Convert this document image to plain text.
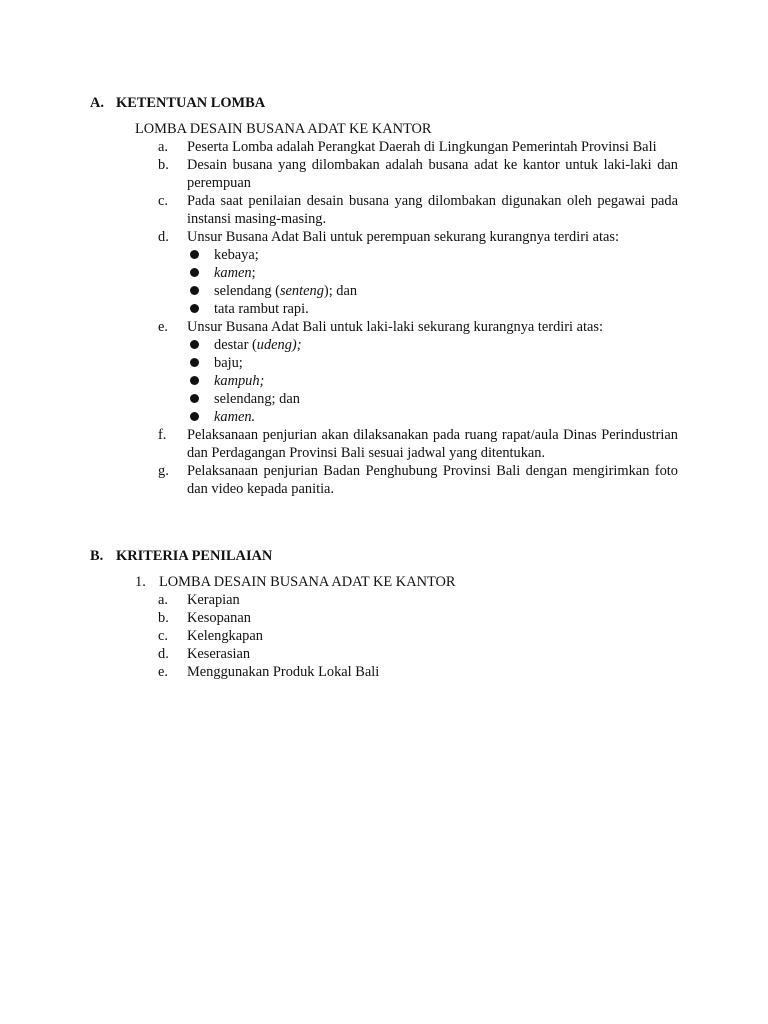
A. KETENTUAN LOMBA
LOMBA DESAIN BUSANA ADAT KE KANTOR
a. Peserta Lomba adalah Perangkat Daerah di Lingkungan Pemerintah Provinsi Bali
b. Desain busana yang dilombakan adalah busana adat ke kantor untuk laki-laki dan perempuan
c. Pada saat penilaian desain busana yang dilombakan digunakan oleh pegawai pada instansi masing-masing.
d. Unsur Busana Adat Bali untuk perempuan sekurang kurangnya terdiri atas:
kebaya;
kamen;
selendang (senteng); dan
tata rambut rapi.
e. Unsur Busana Adat Bali untuk laki-laki sekurang kurangnya terdiri atas:
destar (udeng);
baju;
kampuh;
selendang; dan
kamen.
f. Pelaksanaan penjurian akan dilaksanakan pada ruang rapat/aula Dinas Perindustrian dan Perdagangan Provinsi Bali sesuai jadwal yang ditentukan.
g. Pelaksanaan penjurian Badan Penghubung Provinsi Bali dengan mengirimkan foto dan video kepada panitia.
B. KRITERIA PENILAIAN
1. LOMBA DESAIN BUSANA ADAT KE KANTOR
a. Kerapian
b. Kesopanan
c. Kelengkapan
d. Keserasian
e. Menggunakan Produk Lokal Bali
